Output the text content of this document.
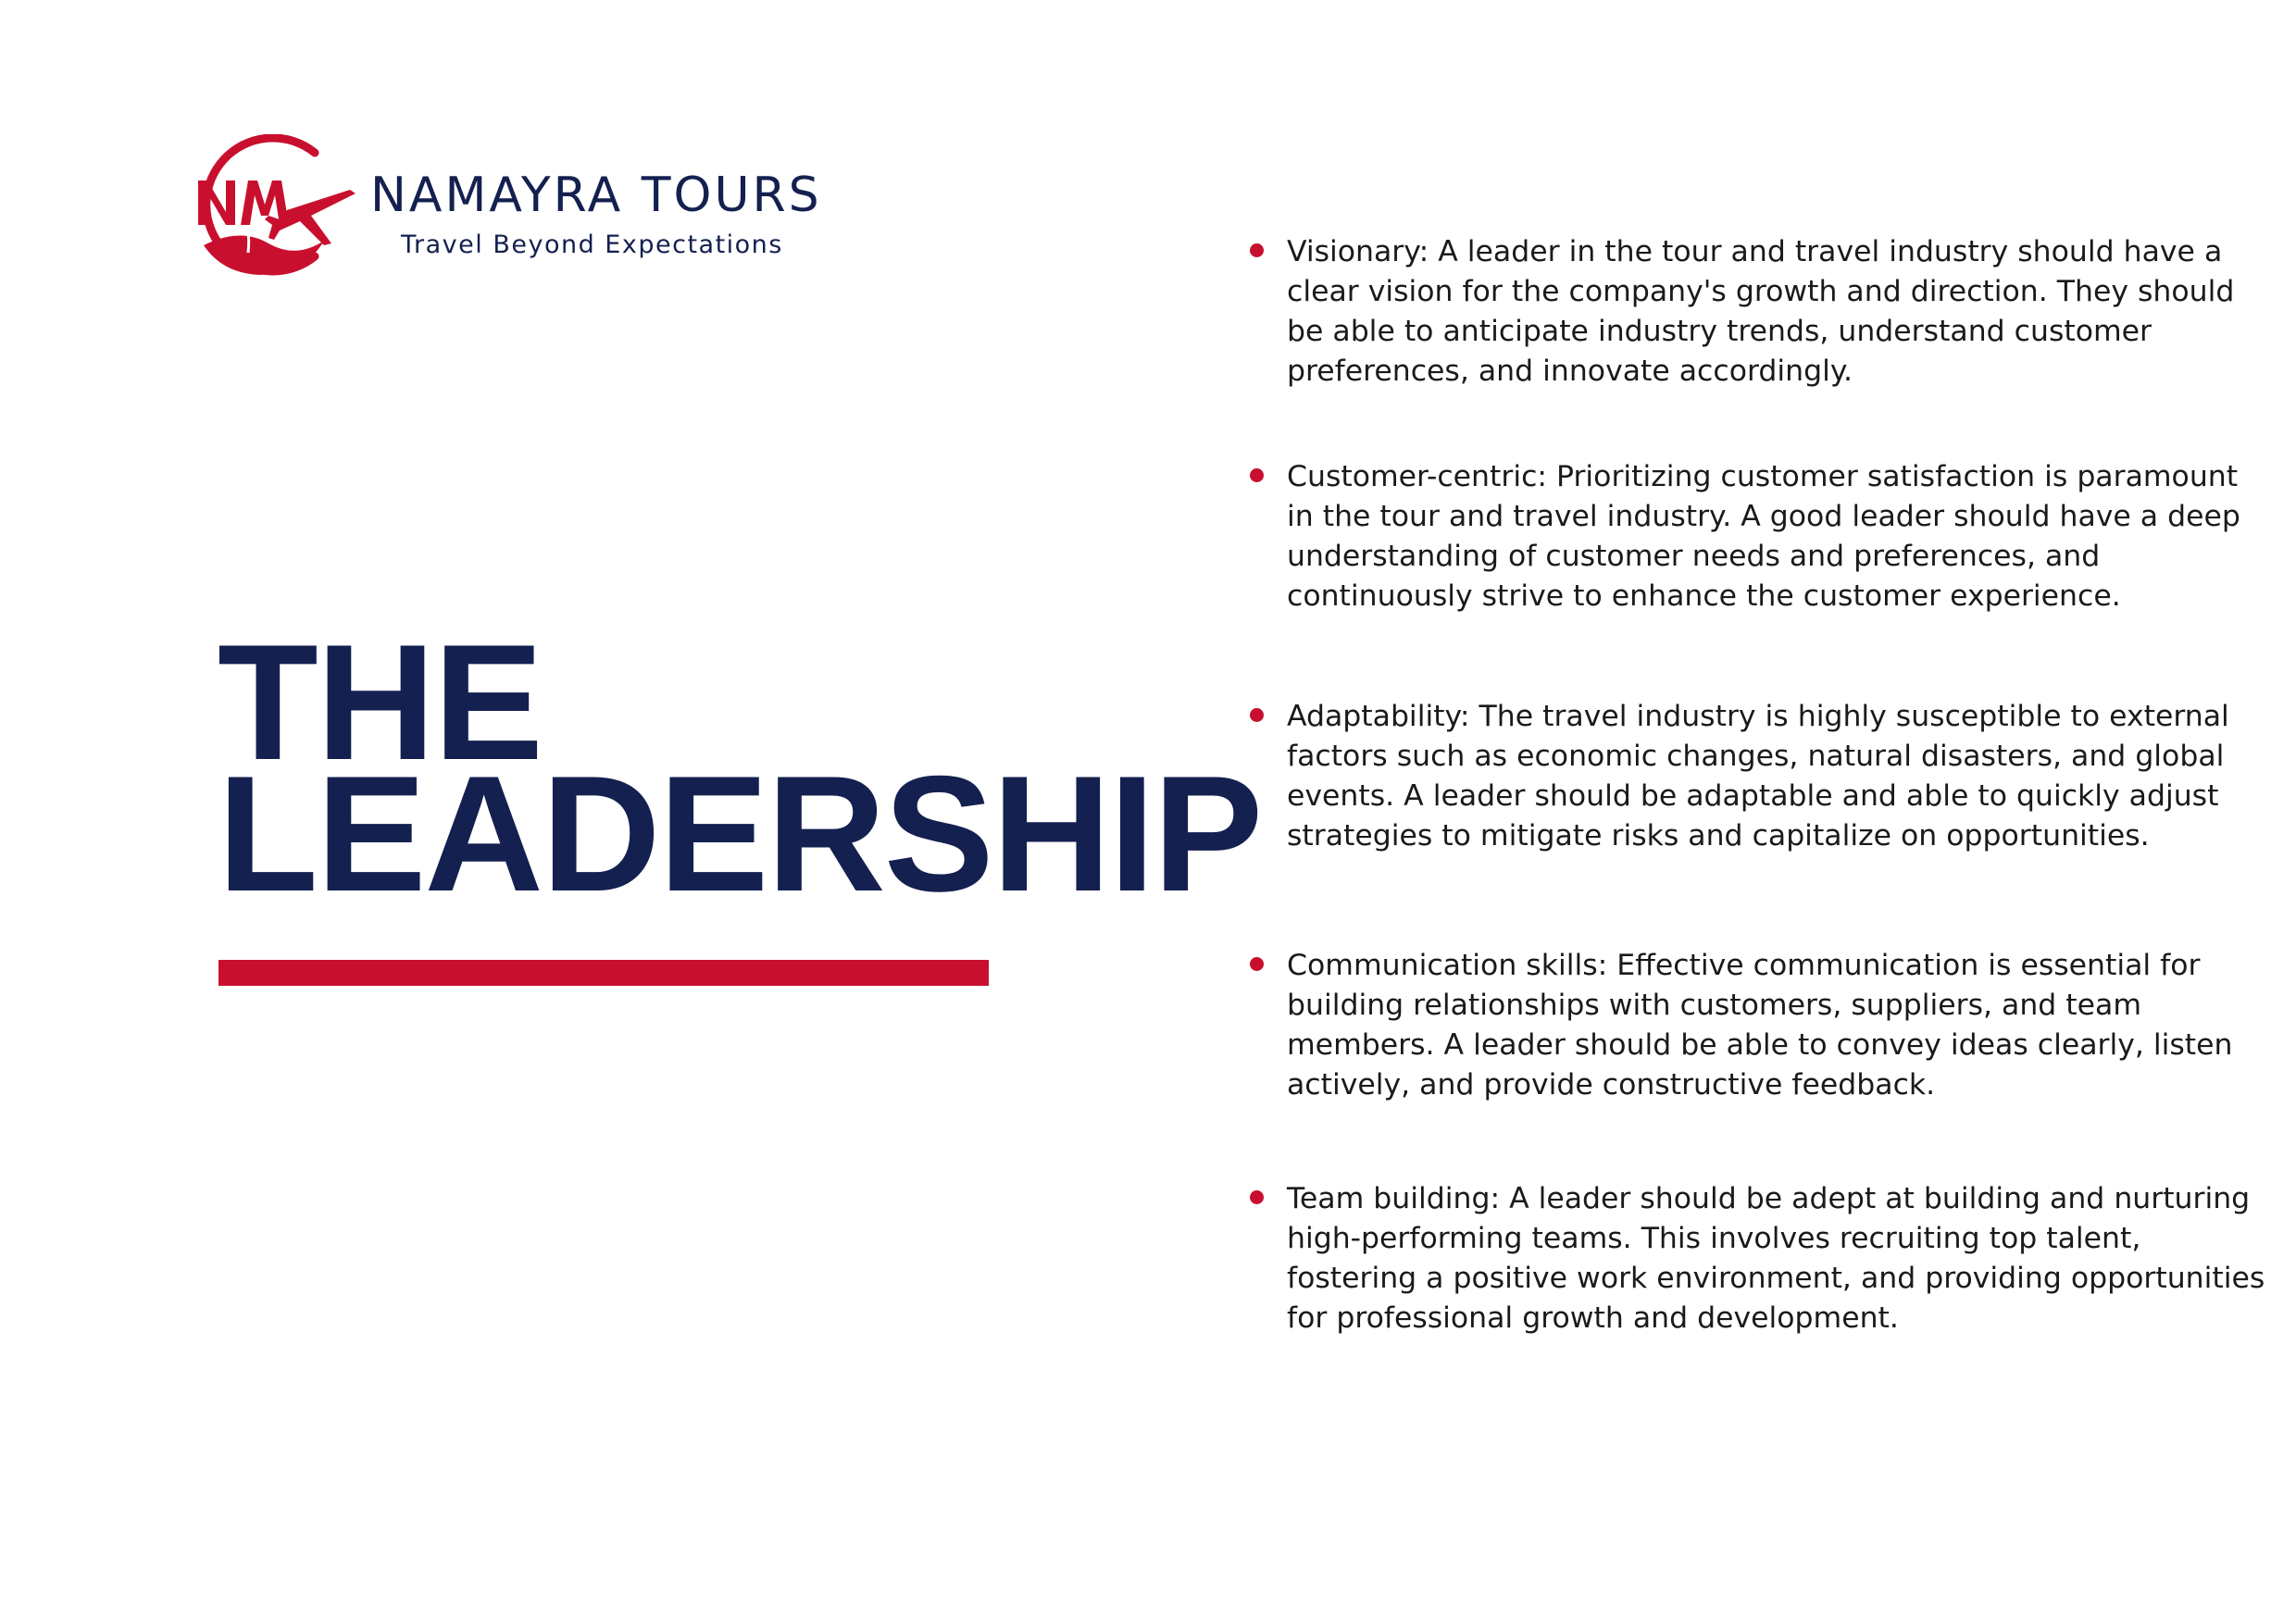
NAMAYRA TOURS
Travel Beyond Expectations
THE
LEADERSHIP

Visionary: A leader in the tour and travel industry should have a clear vision for the company's growth and direction. They should be able to anticipate industry trends, understand customer preferences, and innovate accordingly.

Customer-centric: Prioritizing customer satisfaction is paramount in the tour and travel industry. A good leader should have a deep understanding of customer needs and preferences, and continuously strive to enhance the customer experience.

Adaptability: The travel industry is highly susceptible to external factors such as economic changes, natural disasters, and global events. A leader should be adaptable and able to quickly adjust strategies to mitigate risks and capitalize on opportunities.

Communication skills: Effective communication is essential for building relationships with customers, suppliers, and team members. A leader should be able to convey ideas clearly, listen actively, and provide constructive feedback.

Team building: A leader should be adept at building and nurturing high-performing teams. This involves recruiting top talent, fostering a positive work environment, and providing opportunities for professional growth and development.
